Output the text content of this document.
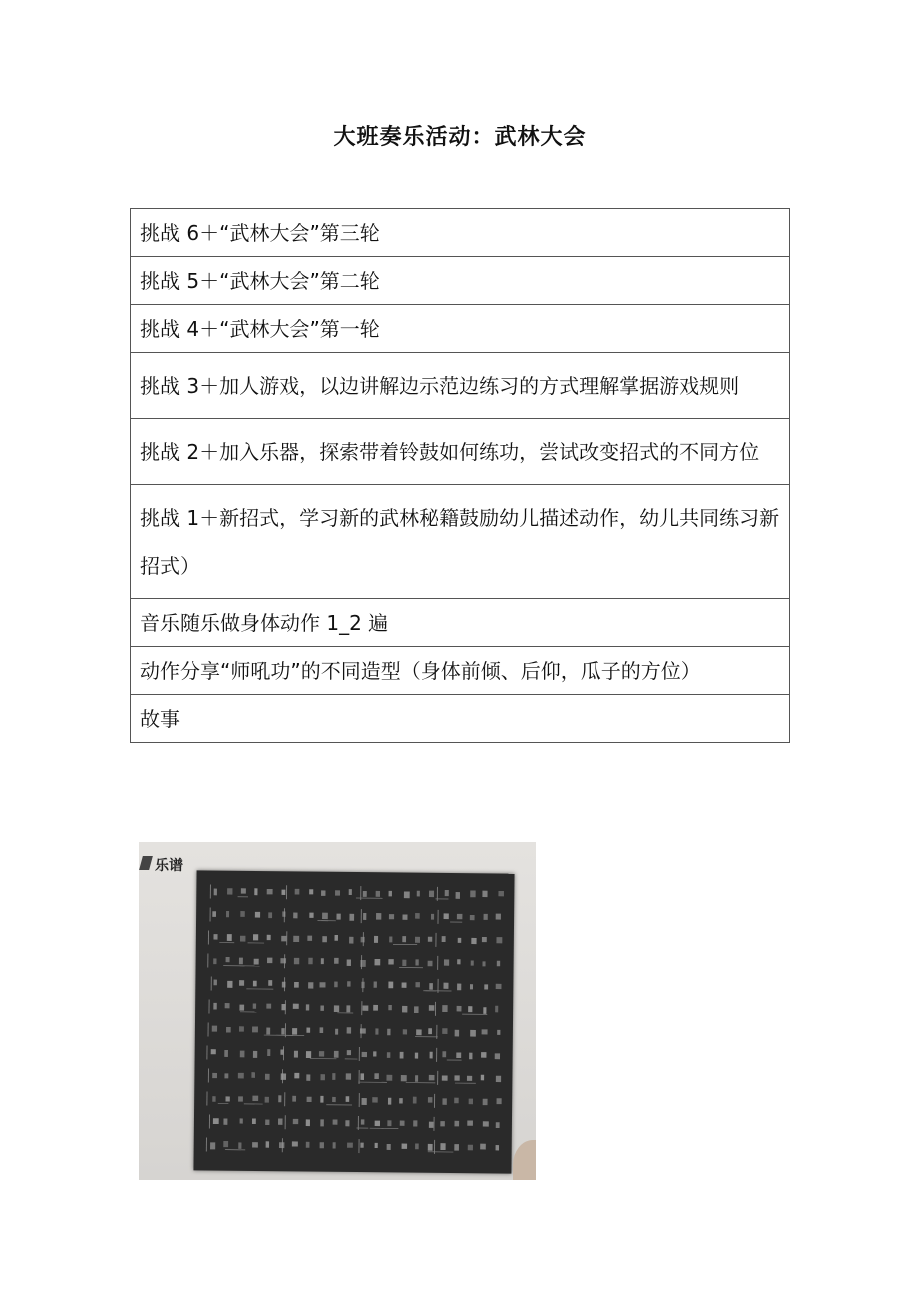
大班奏乐活动：武林大会
挑战 6＋“武林大会”第三轮
挑战 5＋“武林大会”第二轮
挑战 4＋“武林大会”第一轮
挑战 3＋加人游戏，以边讲解边示范边练习的方式理解掌据游戏规则
挑战 2＋加入乐器，探索带着铃鼓如何练功，尝试改变招式的不同方位
挑战 1＋新招式，学习新的武林秘籍鼓励幼儿描述动作，幼儿共同练习新招式）
音乐随乐做身体动作 1_2 遍
动作分享“师吼功”的不同造型（身体前倾、后仰，瓜子的方位）
故事
乐谱
